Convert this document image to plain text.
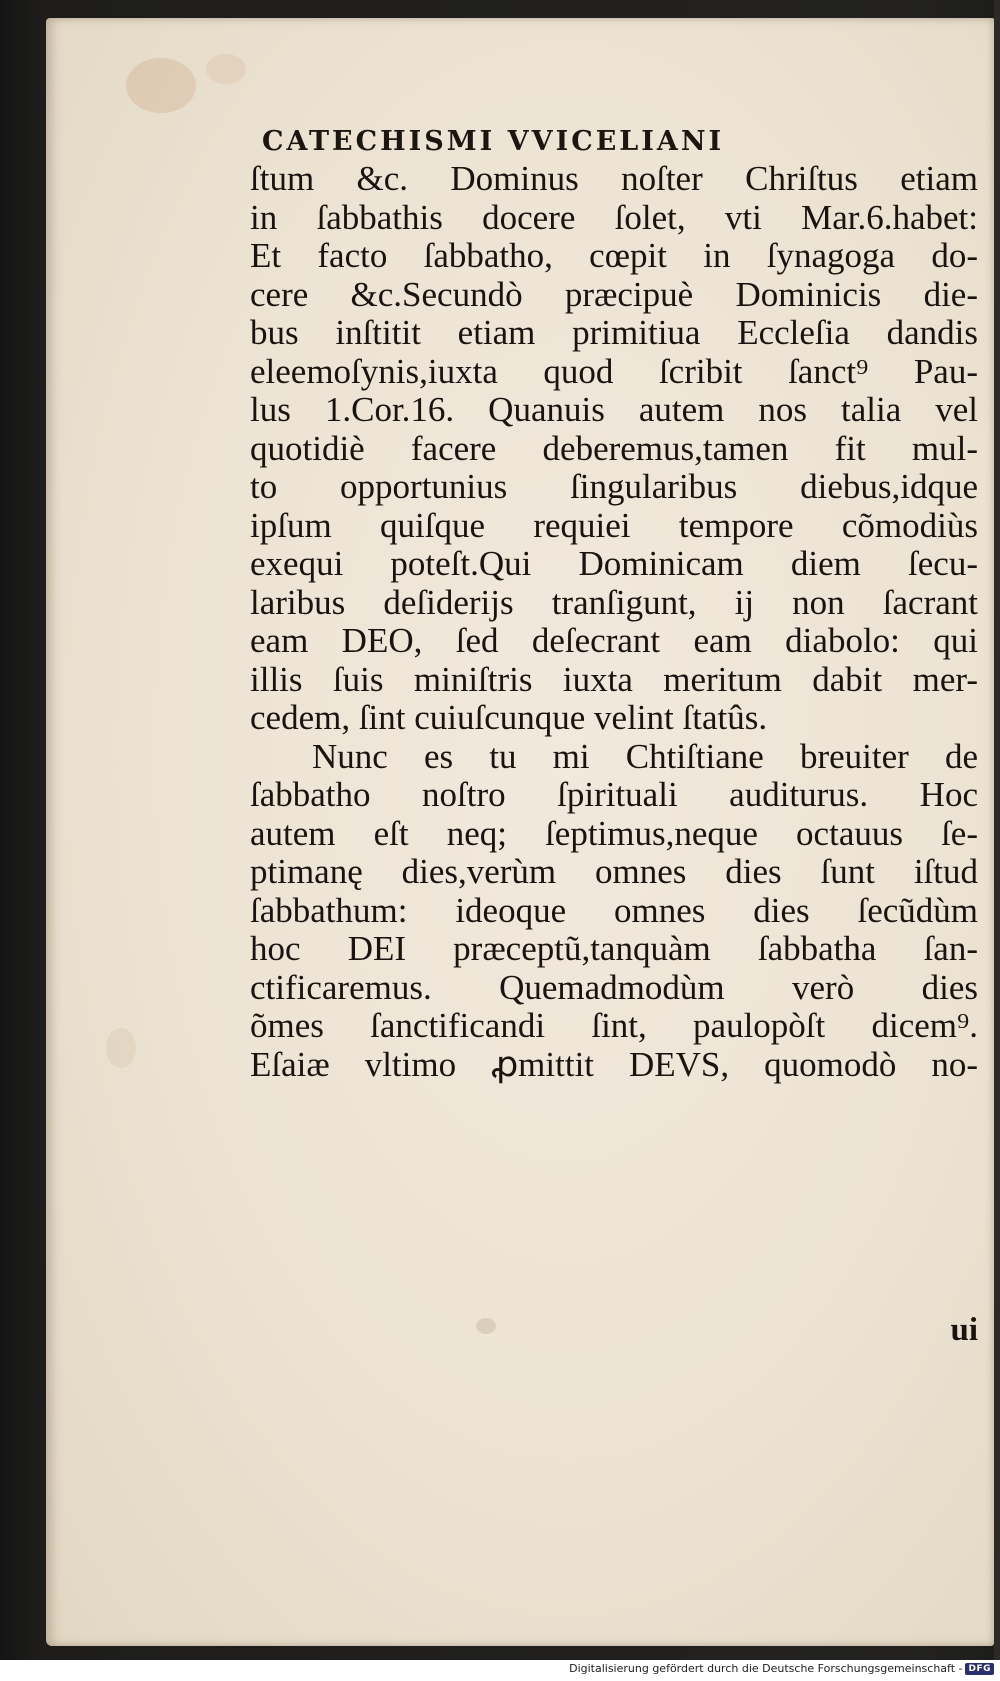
CATECHISMI VVICELIANI
ſtum &c. Dominus noſter Chriſtus etiam
in ſabbathis docere ſolet, vti Mar.6.habet:
Et facto ſabbatho, cœpit in ſynagoga do-
cere &c.Secundò præcipuè Dominicis die-
bus inſtitit etiam primitiua Eccleſia dandis
eleemoſynis,iuxta quod ſcribit ſanct⁹ Pau-
lus 1.Cor.16. Quanuis autem nos talia vel
quotidiè facere deberemus,tamen fit mul-
to opportunius ſingularibus diebus,idque
ipſum quiſque requiei tempore cõmodiùs
exequi poteſt.Qui Dominicam diem ſecu-
laribus deſiderijs tranſigunt, ij non ſacrant
eam DEO, ſed deſecrant eam diabolo: qui
illis ſuis miniſtris iuxta meritum dabit mer-
cedem, ſint cuiuſcunque velint ſtatûs.
Nunc es tu mi Chtiſtiane breuiter de
ſabbatho noſtro ſpirituali auditurus. Hoc
autem eſt neq; ſeptimus,neque octauus ſe-
ptimanę dies,verùm omnes dies ſunt iſtud
ſabbathum: ideoque omnes dies ſecũdùm
hoc DEI præceptũ,tanquàm ſabbatha ſan-
ctificaremus. Quemadmodùm verò dies
õmes ſanctificandi ſint, paulopòſt dicem⁹.
Eſaiæ vltimo ꝓmittit DEVS, quomodò no-
ui
Digitalisierung gefördert durch die Deutsche Forschungsgemeinschaft - DFG
